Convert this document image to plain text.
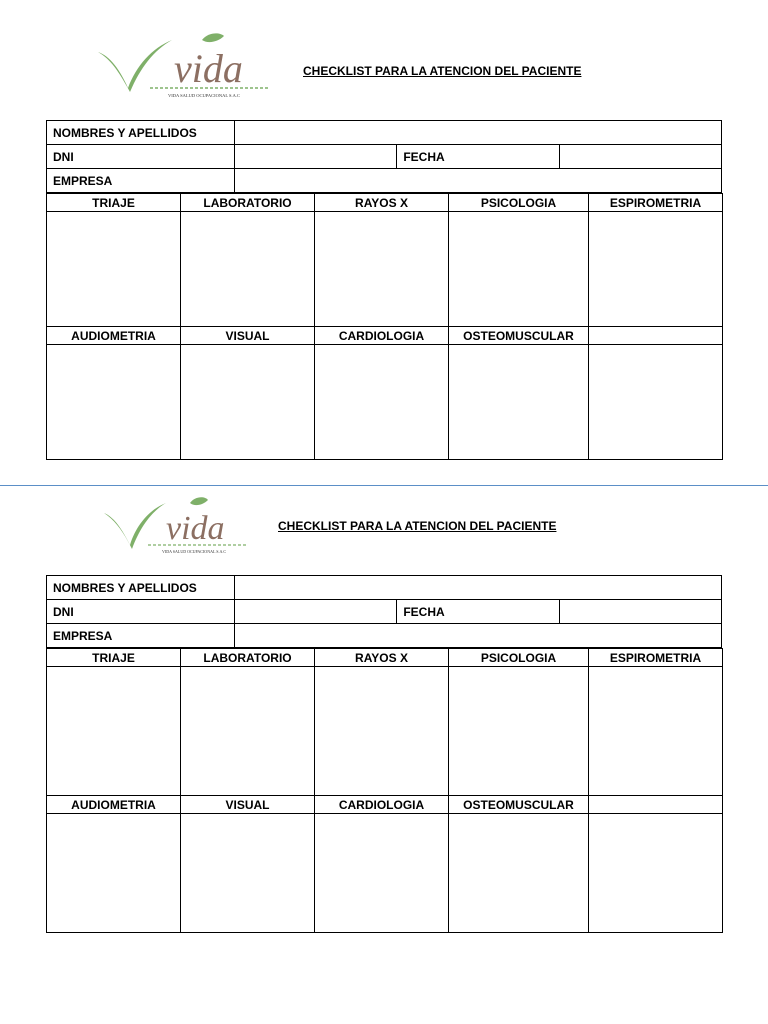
vida
VIDA SALUD OCUPACIONAL S.A.C
CHECKLIST PARA LA ATENCION DEL PACIENTE
NOMBRES Y APELLIDOS			
DNI		FECHA	
EMPRESA			
TRIAJE	LABORATORIO	RAYOS X	PSICOLOGIA	ESPIROMETRIA

AUDIOMETRIA	VISUAL	CARDIOLOGIA	OSTEOMUSCULAR	

vida
VIDA SALUD OCUPACIONAL S.A.C
CHECKLIST PARA LA ATENCION DEL PACIENTE
NOMBRES Y APELLIDOS			
DNI		FECHA	
EMPRESA			
TRIAJE	LABORATORIO	RAYOS X	PSICOLOGIA	ESPIROMETRIA

AUDIOMETRIA	VISUAL	CARDIOLOGIA	OSTEOMUSCULAR	
